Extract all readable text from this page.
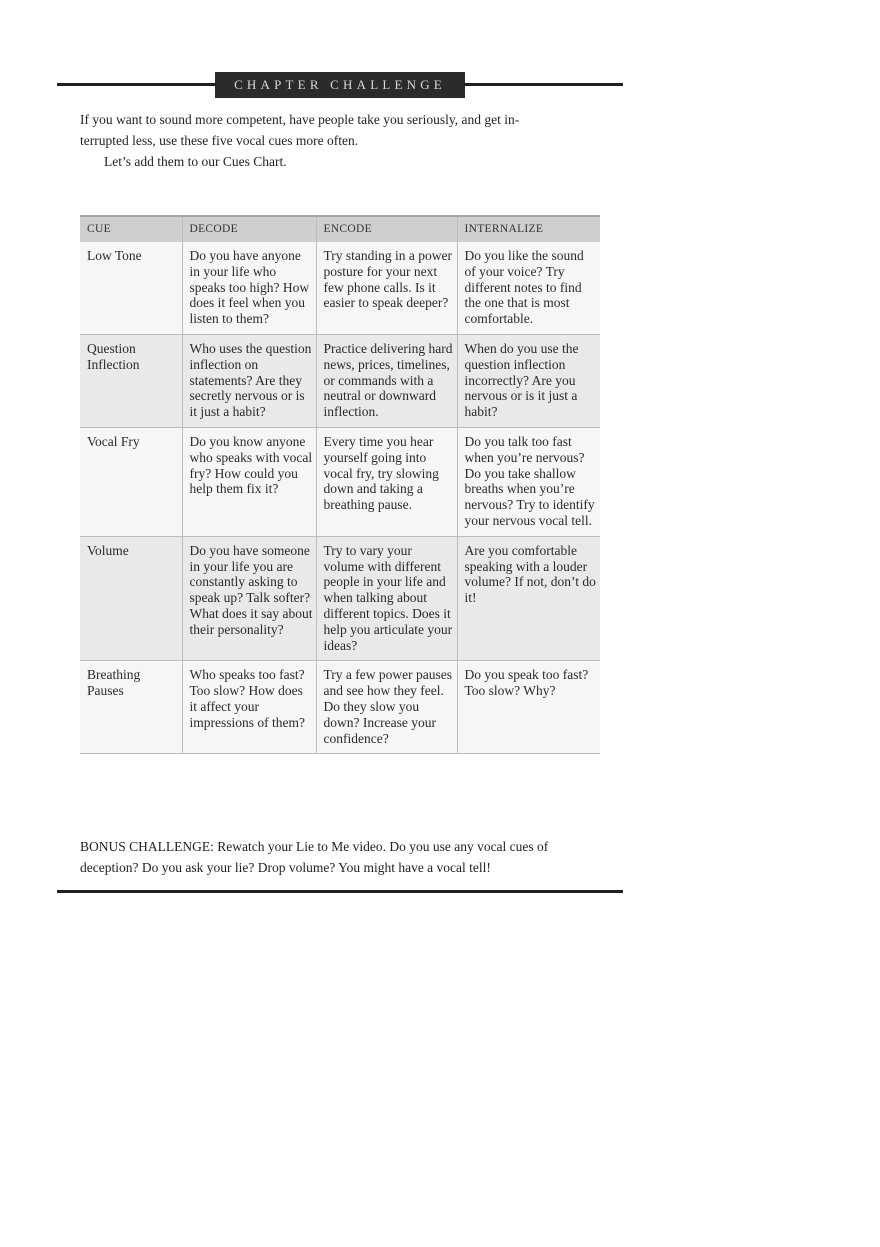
CHAPTER CHALLENGE

If you want to sound more competent, have people take you seriously, and get in-terrupted less, use these five vocal cues more often.

Let’s add them to our Cues Chart.

CUE	DECODE	ENCODE	INTERNALIZE
Low Tone	Do you have anyone in your life who speaks too high? How does it feel when you listen to them?	Try standing in a power posture for your next few phone calls. Is it easier to speak deeper?	Do you like the sound of your voice? Try different notes to find the one that is most comfortable.
Question Inflection	Who uses the question inflection on statements? Are they secretly nervous or is it just a habit?	Practice delivering hard news, prices, timelines, or commands with a neutral or downward inflection.	When do you use the question inflection incorrectly? Are you nervous or is it just a habit?
Vocal Fry	Do you know anyone who speaks with vocal fry? How could you help them fix it?	Every time you hear yourself going into vocal fry, try slowing down and taking a breathing pause.	Do you talk too fast when you’re nervous? Do you take shallow breaths when you’re nervous? Try to identify your nervous vocal tell.
Volume	Do you have someone in your life you are constantly asking to speak up? Talk softer? What does it say about their personality?	Try to vary your volume with different people in your life and when talking about different topics. Does it help you articulate your ideas?	Are you comfortable speaking with a louder volume? If not, don’t do it!
Breathing Pauses	Who speaks too fast? Too slow? How does it affect your impressions of them?	Try a few power pauses and see how they feel. Do they slow you down? Increase your confidence?	Do you speak too fast? Too slow? Why?
BONUS CHALLENGE: Rewatch your Lie to Me video. Do you use any vocal cues of deception? Do you ask your lie? Drop volume? You might have a vocal tell!
